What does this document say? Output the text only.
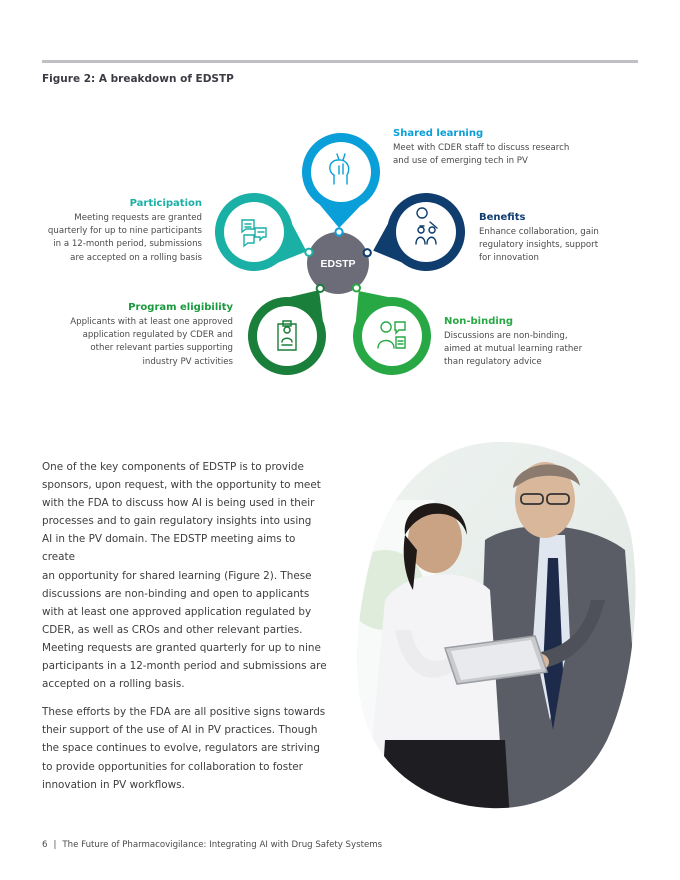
Figure 2: A breakdown of EDSTP
EDSTP
Shared learning
Meet with CDER staff to discuss research
and use of emerging tech in PV
Benefits
Enhance collaboration, gain
regulatory insights, support
for innovation
Non-binding
Discussions are non-binding,
aimed at mutual learning rather
than regulatory advice
Program eligibility
Applicants with at least one approved
application regulated by CDER and
other relevant parties supporting
industry PV activities
Participation
Meeting requests are granted
quarterly for up to nine participants
in a 12-month period, submissions
are accepted on a rolling basis

One of the key components of EDSTP is to provide
sponsors, upon request, with the opportunity to meet
with the FDA to discuss how AI is being used in their
processes and to gain regulatory insights into using
AI in the PV domain. The EDSTP meeting aims to create
an opportunity for shared learning (Figure 2). These
discussions are non-binding and open to applicants
with at least one approved application regulated by
CDER, as well as CROs and other relevant parties.
Meeting requests are granted quarterly for up to nine
participants in a 12-month period and submissions are
accepted on a rolling basis.

These efforts by the FDA are all positive signs towards
their support of the use of AI in PV practices. Though
the space continues to evolve, regulators are striving
to provide opportunities for collaboration to foster
innovation in PV workflows.

6 | The Future of Pharmacovigilance: Integrating AI with Drug Safety Systems
